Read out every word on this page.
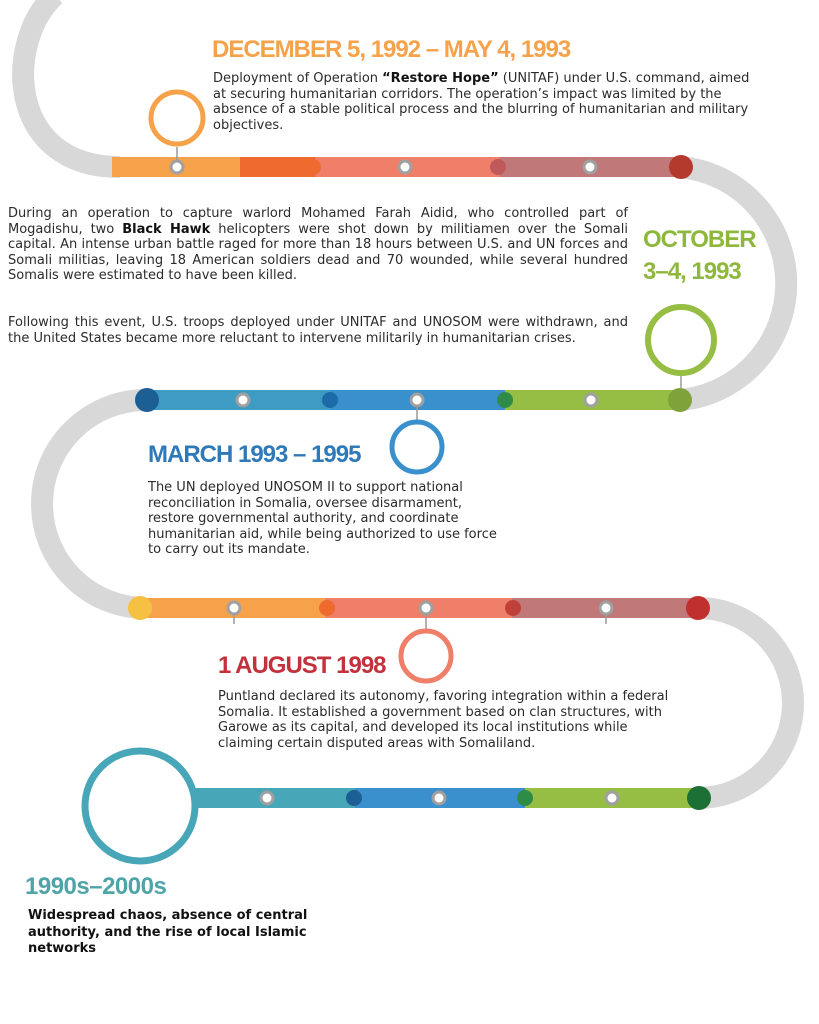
DECEMBER 5, 1992 – MAY 4, 1993

Deployment of Operation “Restore Hope” (UNITAF) under U.S. command, aimed at securing humanitarian corridors. The operation’s impact was limited by the absence of a stable political process and the blurring of humanitarian and military objectives.

During an operation to capture warlord Mohamed Farah Aidid, who controlled part of Mogadishu, two Black Hawk helicopters were shot down by militiamen over the Somali capital. An intense urban battle raged for more than 18 hours between U.S. and UN forces and Somali militias, leaving 18 American soldiers dead and 70 wounded, while several hundred Somalis were estimated to have been killed.

Following this event, U.S. troops deployed under UNITAF and UNOSOM were withdrawn, and the United States became more reluctant to intervene militarily in humanitarian crises.

OCTOBER
3–4, 1993
MARCH 1993 – 1995

The UN deployed UNOSOM II to support national reconciliation in Somalia, oversee disarmament, restore governmental authority, and coordinate humanitarian aid, while being authorized to use force to carry out its mandate.

1 AUGUST 1998

Puntland declared its autonomy, favoring integration within a federal Somalia. It established a government based on clan structures, with Garowe as its capital, and developed its local institutions while claiming certain disputed areas with Somaliland.

1990s–2000s

Widespread chaos, absence of central authority, and the rise of local Islamic networks
